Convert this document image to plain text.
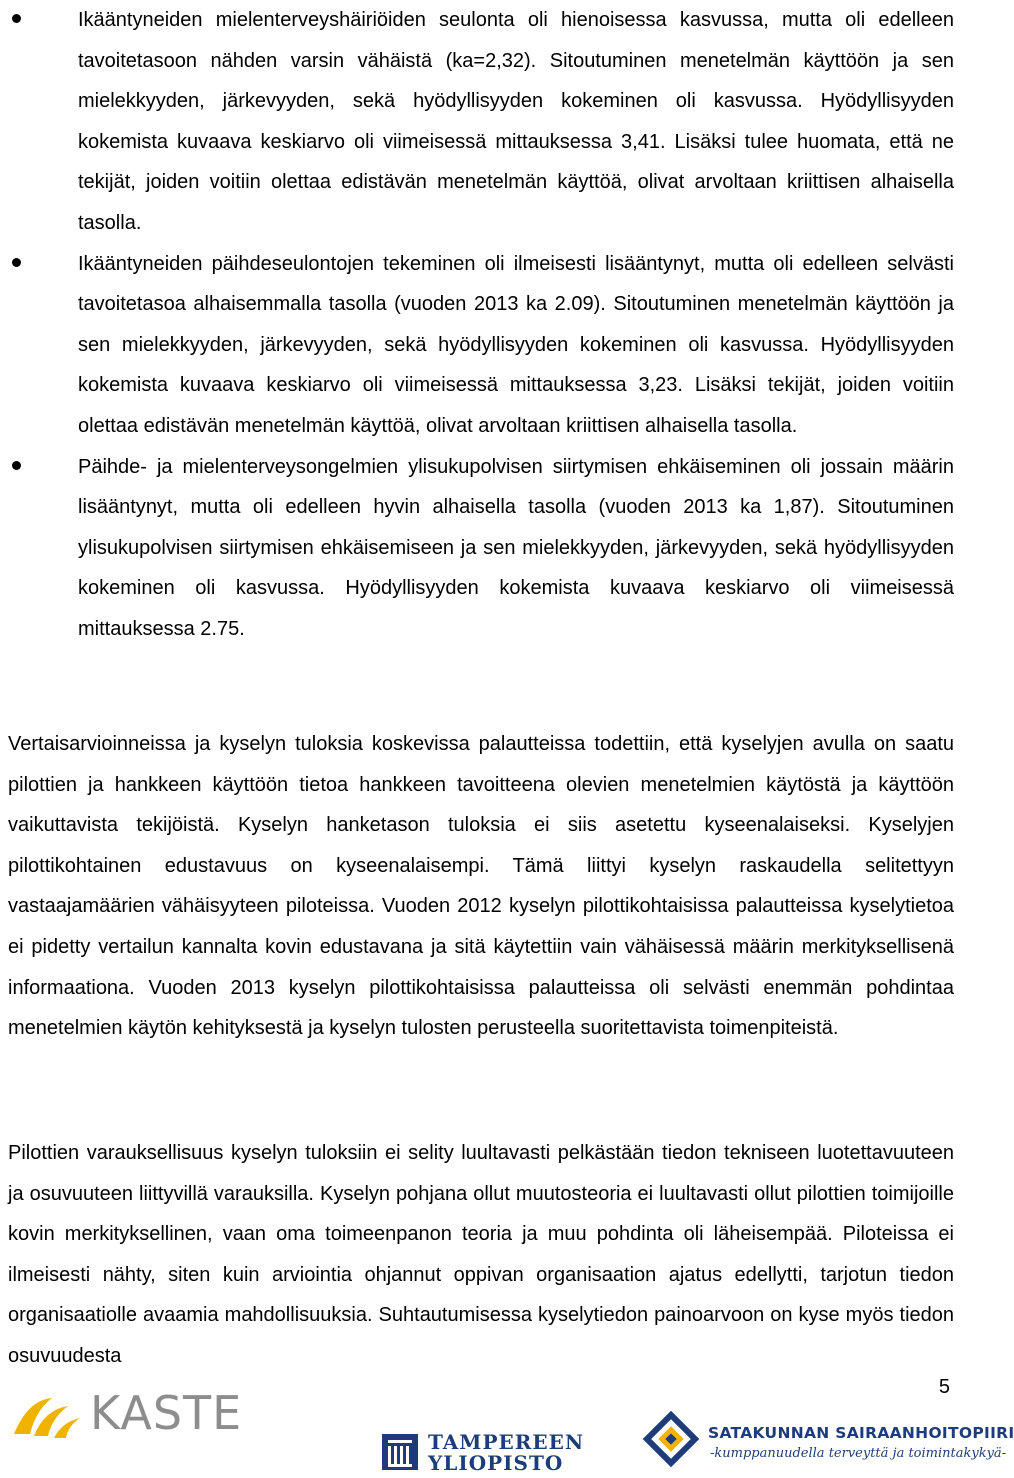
Ikääntyneiden mielenterveyshäiriöiden seulonta oli hienoisessa kasvussa, mutta oli edelleen tavoitetasoon nähden varsin vähäistä (ka=2,32). Sitoutuminen menetelmän käyttöön ja sen mielekkyyden, järkevyyden, sekä hyödyllisyyden kokeminen oli kasvussa. Hyödyllisyyden kokemista kuvaava keskiarvo oli viimeisessä mittauksessa 3,41. Lisäksi tulee huomata, että ne tekijät, joiden voitiin olettaa edistävän menetelmän käyttöä, olivat arvoltaan kriittisen alhaisella tasolla.
Ikääntyneiden päihdeseulontojen tekeminen oli ilmeisesti lisääntynyt, mutta oli edelleen selvästi tavoitetasoa alhaisemmalla tasolla (vuoden 2013 ka 2.09). Sitoutuminen menetelmän käyttöön ja sen mielekkyyden, järkevyyden, sekä hyödyllisyyden kokeminen oli kasvussa. Hyödyllisyyden kokemista kuvaava keskiarvo oli viimeisessä mittauksessa 3,23. Lisäksi tekijät, joiden voitiin olettaa edistävän menetelmän käyttöä, olivat arvoltaan kriittisen alhaisella tasolla.
Päihde- ja mielenterveysongelmien ylisukupolvisen siirtymisen ehkäiseminen oli jossain määrin lisääntynyt, mutta oli edelleen hyvin alhaisella tasolla (vuoden 2013 ka 1,87). Sitoutuminen ylisukupolvisen siirtymisen ehkäisemiseen ja sen mielekkyyden, järkevyyden, sekä hyödyllisyyden kokeminen oli kasvussa. Hyödyllisyyden kokemista kuvaava keskiarvo oli viimeisessä mittauksessa 2.75.

Vertaisarvioinneissa ja kyselyn tuloksia koskevissa palautteissa todettiin, että kyselyjen avulla on saatu pilottien ja hankkeen käyttöön tietoa hankkeen tavoitteena olevien menetelmien käytöstä ja käyttöön vaikuttavista tekijöistä. Kyselyn hanketason tuloksia ei siis asetettu kyseenalaiseksi. Kyselyjen pilottikohtainen edustavuus on kyseenalaisempi. Tämä liittyi kyselyn raskaudella selitettyyn vastaajamäärien vähäisyyteen piloteissa. Vuoden 2012 kyselyn pilottikohtaisissa palautteissa kyselytietoa ei pidetty vertailun kannalta kovin edustavana ja sitä käytettiin vain vähäisessä määrin merkityksellisenä informaationa. Vuoden 2013 kyselyn pilottikohtaisissa palautteissa oli selvästi enemmän pohdintaa menetelmien käytön kehityksestä ja kyselyn tulosten perusteella suoritettavista toimenpiteistä.

Pilottien varauksellisuus kyselyn tuloksiin ei selity luultavasti pelkästään tiedon tekniseen luotettavuuteen ja osuvuuteen liittyvillä varauksilla. Kyselyn pohjana ollut muutosteoria ei luultavasti ollut pilottien toimijoille kovin merkityksellinen, vaan oma toimeenpanon teoria ja muu pohdinta oli läheisempää. Piloteissa ei ilmeisesti nähty, siten kuin arviointia ohjannut oppivan organisaation ajatus edellytti, tarjotun tiedon organisaatiolle avaamia mahdollisuuksia. Suhtautumisessa kyselytiedon painoarvoon on kyse myös tiedon osuvuudesta

5
KASTE
TAMPEREEN
YLIOPISTO
SATAKUNNAN SAIRAANHOITOPIIRI
-kumppanuudella terveyttä ja toimintakykyä-
